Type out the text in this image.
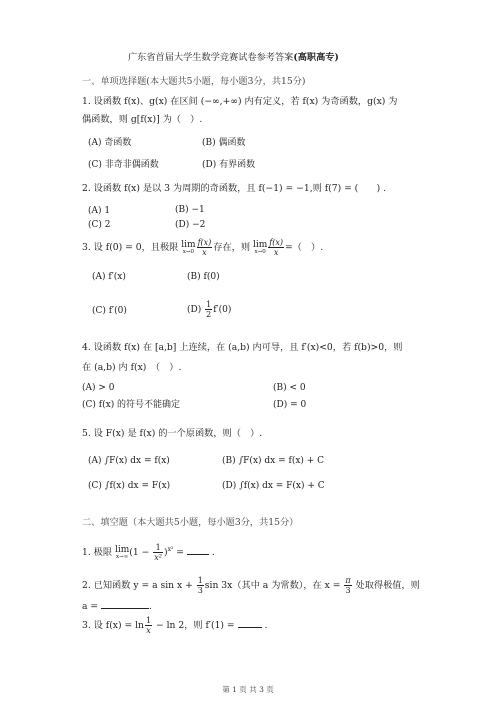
广东省首届大学生数学竞赛试卷参考答案(高职高专)
一、单项选择题(本大题共5小题，每小题3分，共15分)
1. 设函数 f(x)、g(x) 在区间 (−∞,+∞) 内有定义，若 f(x) 为奇函数，g(x) 为
偶函数，则 g[f(x)] 为（　）.
(A) 奇函数	(B) 偶函数
(C) 非奇非偶函数	(D) 有界函数
2. 设函数 f(x) 是以 3 为周期的奇函数，且 f(−1) = −1,则 f(7) = (　　) .
(A) 1	(B) −1
(C) 2	(D) −2
3. 设 f(0) = 0，且极限 lim
$x\to 0 \frac{f(x)}{x}$ 存在，则 lim
$x\to 0 \frac{f(x)}{x}$ =（　）.
(A) f′(x)	(B) f(0)
(C) f′(0)	$(D) \frac{1}{2} f'(0)$
4. 设函数 f(x) 在 [a,b] 上连续，在 (a,b) 内可导，且 f′(x)<0，若 f(b)>0，则
在 (a,b) 内 f(x)　（　）.
(A) > 0	(B) < 0
(C) f(x) 的符号不能确定	(D) = 0
5. 设 F(x) 是 f(x) 的一个原函数，则（　）.
(A) ∫F(x) dx = f(x)	(B) ∫F(x) dx = f(x) + C
(C) ∫f(x) dx = F(x)	(D) ∫f(x) dx = F(x) + C
二、填空题（本大题共5小题，每小题3分，共15分）
1. 极限 lim
x→∞ $(1 - \frac{1}{\text{x²}} )^{x^2}$ =  .
2. 已知函数 y = a $\sin x + \frac{1}{3}$ sin 3x（其中 a 为常数），在 $x = \frac{\pi}{3}$ 处取得极值，则
a =	.
3. 设 $f(x) = \ln \frac{1}{x} - \ln 2$，则 f′(1) =	.
第 1 页 共 3 页
